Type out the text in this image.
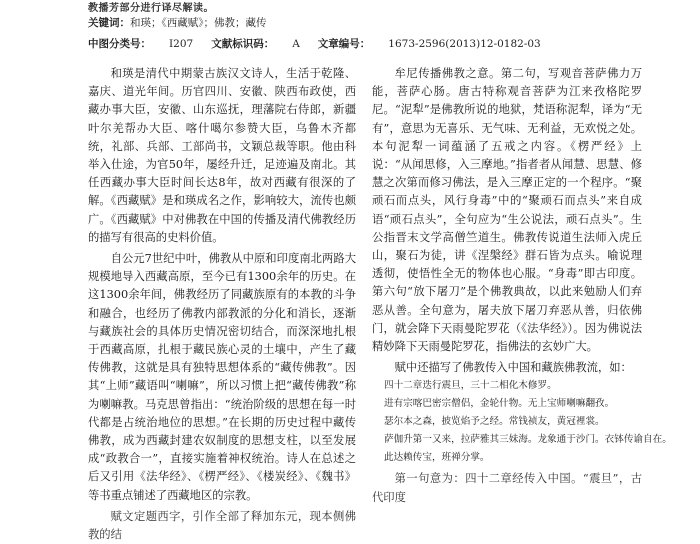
教播芳部分进行译尽解读。
关键词：和瑛；《西藏赋》；佛教；藏传
中图分类号： I207 文献标识码： A 文章编号： 1673-2596(2013)12-0182-03

和瑛是清代中期蒙古族汉文诗人，生活于乾隆、嘉庆、道光年间。历官四川、安徽、陕西布政使，西藏办事大臣，安徽、山东巡抚，理藩院右侍郎，新疆叶尔羌帮办大臣、喀什噶尔参赞大臣，乌鲁木齐都统，礼部、兵部、工部尚书，文颖总裁等职。他由科举入仕途，为官50年，屡经升迁，足迹遍及南北。其任西藏办事大臣时间长达8年，故对西藏有很深的了解。《西藏赋》是和瑛成名之作，影响较大，流传也颇广。《西藏赋》中对佛教在中国的传播及清代佛教经历的描写有很高的史料价值。

自公元7世纪中叶，佛教从中原和印度南北两路大规模地导入西藏高原，至今已有1300余年的历史。在这1300余年间，佛教经历了同藏族原有的本教的斗争和融合，也经历了佛教内部教派的分化和消长，逐渐与藏族社会的具体历史情况密切结合，而深深地扎根于西藏高原，扎根于藏民族心灵的土壤中，产生了藏传佛教，这就是具有独特思想体系的“藏传佛教”。因其“上师”藏语叫“喇嘛”，所以习惯上把“藏传佛教”称为喇嘛教。马克思曾指出：“统治阶级的思想在每一时代都是占统治地位的思想。”在长期的历史过程中藏传佛教，成为西藏封建农奴制度的思想支柱，以至发展成“政教合一”，直接实施着神权统治。诗人在总述之后又引用《法华经》、《楞严经》、《楼炭经》、《魏书》等书重点铺述了西藏地区的宗教。

赋文定题西字，引作全部了释加东元，现本侧佛教的结

牟尼传播佛教之意。第二句，写观音菩萨佛力万能，菩萨心肠。唐古特称观音菩萨为江来孜格陀罗尼。“泥犁”是佛教所说的地狱，梵语称泥犁，译为“无有”，意思为无喜乐、无气味、无利益，无欢悦之处。本句泥犁一词蕴涵了五戒之内容。《楞严经》上说：“从闻思修，入三摩地。”指者者从闻慧、思慧、修慧之次第而修习佛法，是入三摩正定的一个程序。“聚顽石而点头，风行身毒”中的“聚顽石而点头”来自成语“顽石点头”，全句应为“生公说法，顽石点头”。生公指晋末文学高僧竺道生。佛教传说道生法师入虎丘山，聚石为徒，讲《涅槃经》群石皆为点头。喻说理透彻，使悟性全无的物体也心服。“身毒”即古印度。第六句“放下屠刀”是个佛教典故，以此来勉励人们弃恶从善。全句意为，屠夫放下屠刀弃恶从善，归依佛门，就会降下天雨曼陀罗花（《法华经》）。因为佛说法精妙降下天雨曼陀罗花，指佛法的玄妙广大。

赋中还描写了佛教传入中国和藏族佛教流，如：

四十二章迭行震旦，三十二相化木修罗。

进有宗喀巴密宗僧侣，金轮什物。无上宝师喇嘛翻孜。

瑟尔本之森，披览焰予之经。常钱祯友，黄冠裡裳。

萨伽升第一又来，拉萨雅其三妹海。龙象通于沙门。衣钵传谕自在。

此达赖传宝，班禅分掌。

第一句意为：四十二章经传入中国。“震旦”，古代印度
